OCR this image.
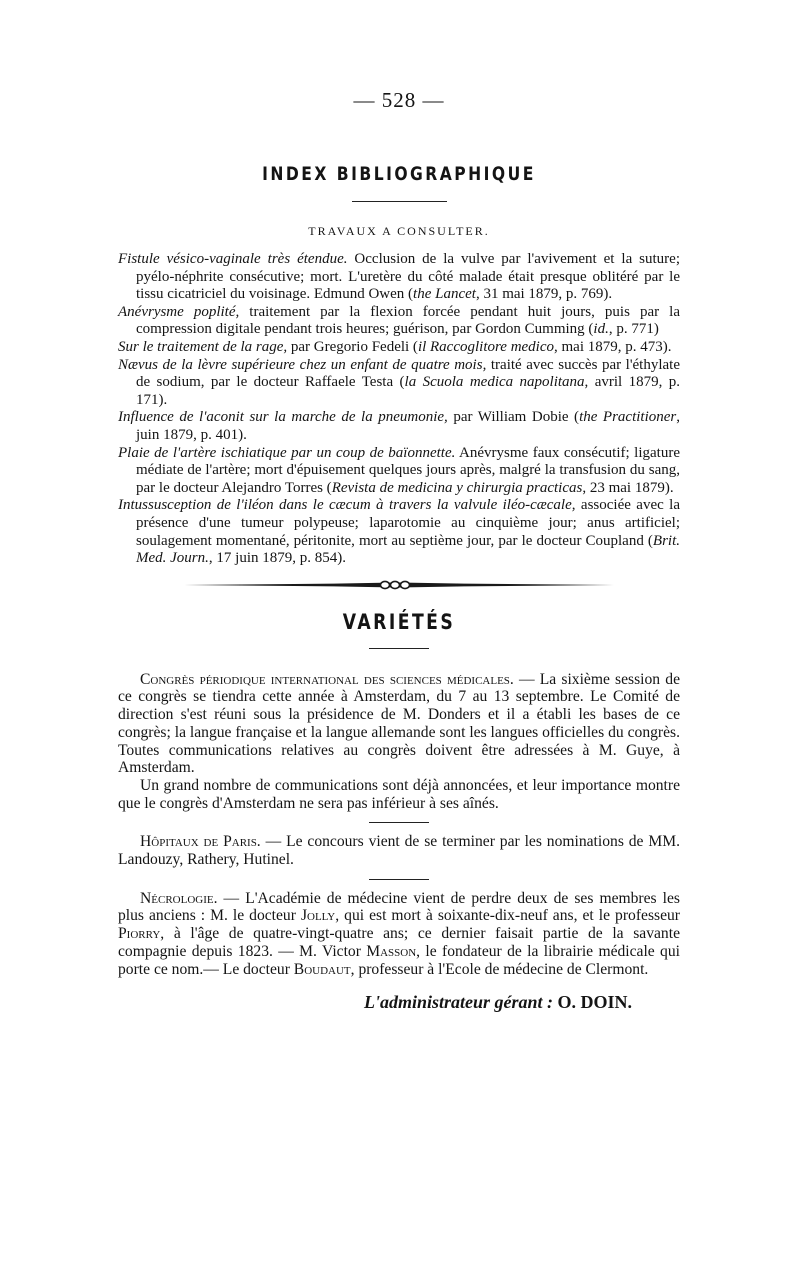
— 528 —

INDEX BIBLIOGRAPHIQUE

TRAVAUX A CONSULTER.

Fistule vésico-vaginale très étendue. Occlusion de la vulve par l'avivement et la suture; pyélo-néphrite consécutive; mort. L'uretère du côté malade était presque oblitéré par le tissu cicatriciel du voisinage. Edmund Owen (the Lancet, 31 mai 1879, p. 769).

Anévrysme poplité, traitement par la flexion forcée pendant huit jours, puis par la compression digitale pendant trois heures; guérison, par Gordon Cumming (id., p. 771)

Sur le traitement de la rage, par Gregorio Fedeli (il Raccoglitore medico, mai 1879, p. 473).

Nævus de la lèvre supérieure chez un enfant de quatre mois, traité avec succès par l'éthylate de sodium, par le docteur Raffaele Testa (la Scuola medica napolitana, avril 1879, p. 171).

Influence de l'aconit sur la marche de la pneumonie, par William Dobie (the Practitioner, juin 1879, p. 401).

Plaie de l'artère ischiatique par un coup de baïonnette. Anévrysme faux consécutif; ligature médiate de l'artère; mort d'épuisement quelques jours après, malgré la transfusion du sang, par le docteur Alejandro Torres (Revista de medicina y chirurgia practicas, 23 mai 1879).

Intussusception de l'iléon dans le cæcum à travers la valvule iléo-cæcale, associée avec la présence d'une tumeur polypeuse; laparotomie au cinquième jour; anus artificiel; soulagement momentané, péritonite, mort au septième jour, par le docteur Coupland (Brit. Med. Journ., 17 juin 1879, p. 854).

VARIÉTÉS

Congrès périodique international des sciences médicales. — La sixième session de ce congrès se tiendra cette année à Amsterdam, du 7 au 13 septembre. Le Comité de direction s'est réuni sous la présidence de M. Donders et il a établi les bases de ce congrès; la langue française et la langue allemande sont les langues officielles du congrès. Toutes communications relatives au congrès doivent être adressées à M. Guye, à Amsterdam.

Un grand nombre de communications sont déjà annoncées, et leur importance montre que le congrès d'Amsterdam ne sera pas inférieur à ses aînés.

Hôpitaux de Paris. — Le concours vient de se terminer par les nominations de MM. Landouzy, Rathery, Hutinel.

Nécrologie. — L'Académie de médecine vient de perdre deux de ses membres les plus anciens : M. le docteur Jolly, qui est mort à soixante-dix-neuf ans, et le professeur Piorry, à l'âge de quatre-vingt-quatre ans; ce dernier faisait partie de la savante compagnie depuis 1823. — M. Victor Masson, le fondateur de la librairie médicale qui porte ce nom.— Le docteur Boudaut, professeur à l'Ecole de médecine de Clermont.

L'administrateur gérant : O. DOIN.
